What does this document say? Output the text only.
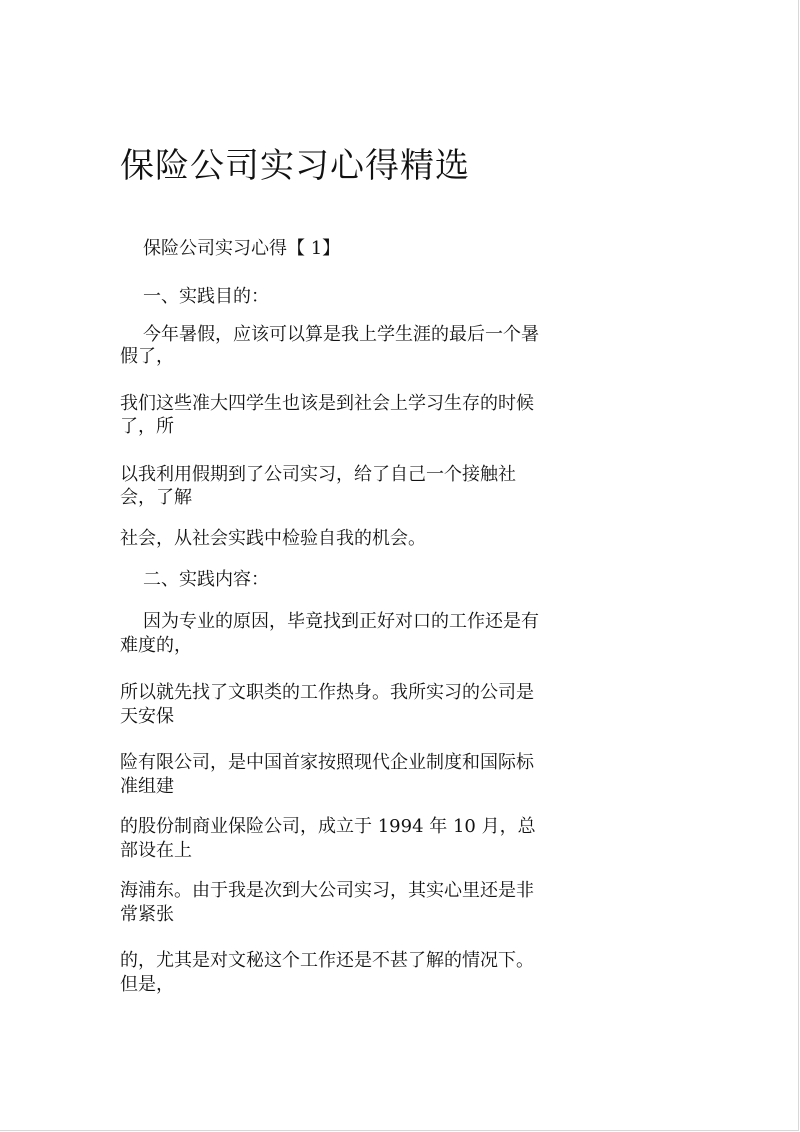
保险公司实习心得精选
保险公司实习心得【 1】
一、实践目的：
今年暑假，应该可以算是我上学生涯的最后一个暑
假了，
我们这些准大四学生也该是到社会上学习生存的时候
了，所
以我利用假期到了公司实习，给了自己一个接触社
会，了解
社会，从社会实践中检验自我的机会。
二、实践内容：
因为专业的原因，毕竟找到正好对口的工作还是有
难度的，
所以就先找了文职类的工作热身。我所实习的公司是
天安保
险有限公司，是中国首家按照现代企业制度和国际标
准组建
的股份制商业保险公司，成立于 1994 年 10 月，总
部设在上
海浦东。由于我是次到大公司实习，其实心里还是非
常紧张
的，尤其是对文秘这个工作还是不甚了解的情况下。
但是，
